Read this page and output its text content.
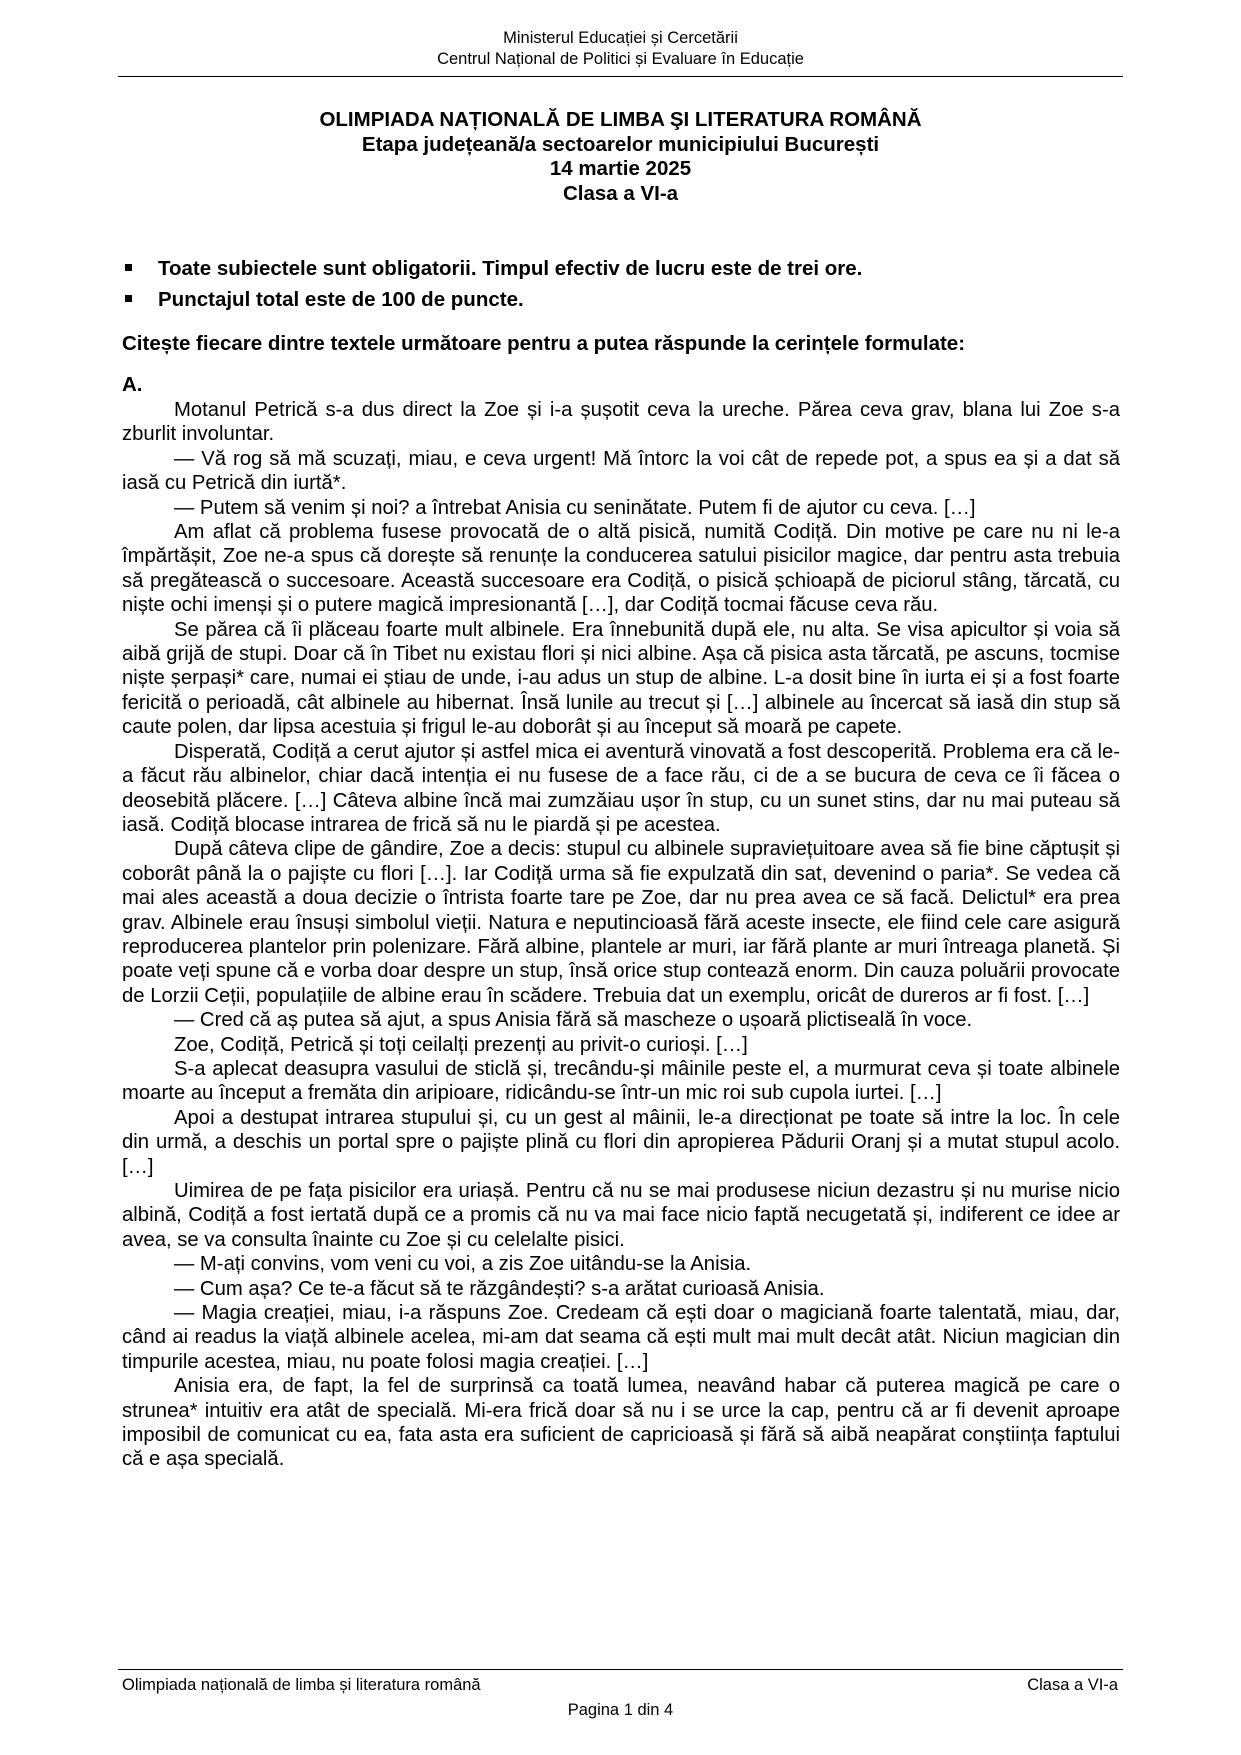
Ministerul Educației și Cercetării
Centrul Național de Politici și Evaluare în Educație
OLIMPIADA NAȚIONALĂ DE LIMBA ŞI LITERATURA ROMÂNĂ
Etapa județeană/a sectoarelor municipiului București
14 martie 2025
Clasa a VI-a
Toate subiectele sunt obligatorii. Timpul efectiv de lucru este de trei ore.
Punctajul total este de 100 de puncte.
Citește fiecare dintre textele următoare pentru a putea răspunde la cerințele formulate:
A.

Motanul Petrică s-a dus direct la Zoe și i-a șușotit ceva la ureche. Părea ceva grav, blana lui Zoe s-a zburlit involuntar.

— Vă rog să mă scuzați, miau, e ceva urgent! Mă întorc la voi cât de repede pot, a spus ea și a dat să iasă cu Petrică din iurtă*.

— Putem să venim și noi? a întrebat Anisia cu seninătate. Putem fi de ajutor cu ceva. […]

Am aflat că problema fusese provocată de o altă pisică, numită Codiță. Din motive pe care nu ni le-a împărtășit, Zoe ne-a spus că dorește să renunțe la conducerea satului pisicilor magice, dar pentru asta trebuia să pregătească o succesoare. Această succesoare era Codiță, o pisică șchioapă de piciorul stâng, tărcată, cu niște ochi imenși și o putere magică impresionantă […], dar Codiță tocmai făcuse ceva rău.

Se părea că îi plăceau foarte mult albinele. Era înnebunită după ele, nu alta. Se visa apicultor și voia să aibă grijă de stupi. Doar că în Tibet nu existau flori și nici albine. Așa că pisica asta tărcată, pe ascuns, tocmise niște șerpași* care, numai ei știau de unde, i-au adus un stup de albine. L-a dosit bine în iurta ei și a fost foarte fericită o perioadă, cât albinele au hibernat. Însă lunile au trecut și […] albinele au încercat să iasă din stup să caute polen, dar lipsa acestuia și frigul le-au doborât și au început să moară pe capete.

Disperată, Codiță a cerut ajutor și astfel mica ei aventură vinovată a fost descoperită. Problema era că le-a făcut rău albinelor, chiar dacă intenția ei nu fusese de a face rău, ci de a se bucura de ceva ce îi făcea o deosebită plăcere. […] Câteva albine încă mai zumzăiau ușor în stup, cu un sunet stins, dar nu mai puteau să iasă. Codiță blocase intrarea de frică să nu le piardă și pe acestea.

După câteva clipe de gândire, Zoe a decis: stupul cu albinele supraviețuitoare avea să fie bine căptușit și coborât până la o pajiște cu flori […]. Iar Codiță urma să fie expulzată din sat, devenind o paria*. Se vedea că mai ales această a doua decizie o întrista foarte tare pe Zoe, dar nu prea avea ce să facă. Delictul* era prea grav. Albinele erau însuși simbolul vieții. Natura e neputincioasă fără aceste insecte, ele fiind cele care asigură reproducerea plantelor prin polenizare. Fără albine, plantele ar muri, iar fără plante ar muri întreaga planetă. Și poate veți spune că e vorba doar despre un stup, însă orice stup contează enorm. Din cauza poluării provocate de Lorzii Ceții, populațiile de albine erau în scădere. Trebuia dat un exemplu, oricât de dureros ar fi fost. […]

— Cred că aș putea să ajut, a spus Anisia fără să mascheze o ușoară plictiseală în voce.

Zoe, Codiță, Petrică și toți ceilalți prezenți au privit-o curioși. […]

S-a aplecat deasupra vasului de sticlă și, trecându-și mâinile peste el, a murmurat ceva și toate albinele moarte au început a fremăta din aripioare, ridicându-se într-un mic roi sub cupola iurtei. […]

Apoi a destupat intrarea stupului și, cu un gest al mâinii, le-a direcționat pe toate să intre la loc. În cele din urmă, a deschis un portal spre o pajiște plină cu flori din apropierea Pădurii Oranj și a mutat stupul acolo. […]

Uimirea de pe fața pisicilor era uriașă. Pentru că nu se mai produsese niciun dezastru și nu murise nicio albină, Codiță a fost iertată după ce a promis că nu va mai face nicio faptă necugetată și, indiferent ce idee ar avea, se va consulta înainte cu Zoe și cu celelalte pisici.

— M-ați convins, vom veni cu voi, a zis Zoe uitându-se la Anisia.

— Cum așa? Ce te-a făcut să te răzgândești? s-a arătat curioasă Anisia.

— Magia creației, miau, i-a răspuns Zoe. Credeam că ești doar o magiciană foarte talentată, miau, dar, când ai readus la viață albinele acelea, mi-am dat seama că ești mult mai mult decât atât. Niciun magician din timpurile acestea, miau, nu poate folosi magia creației. […]

Anisia era, de fapt, la fel de surprinsă ca toată lumea, neavând habar că puterea magică pe care o strunea* intuitiv era atât de specială. Mi-era frică doar să nu i se urce la cap, pentru că ar fi devenit aproape imposibil de comunicat cu ea, fata asta era suficient de capricioasă și fără să aibă neapărat conștiința faptului că e așa specială.

Olimpiada națională de limba și literatura română	Clasa a VI-a
Pagina 1 din 4
